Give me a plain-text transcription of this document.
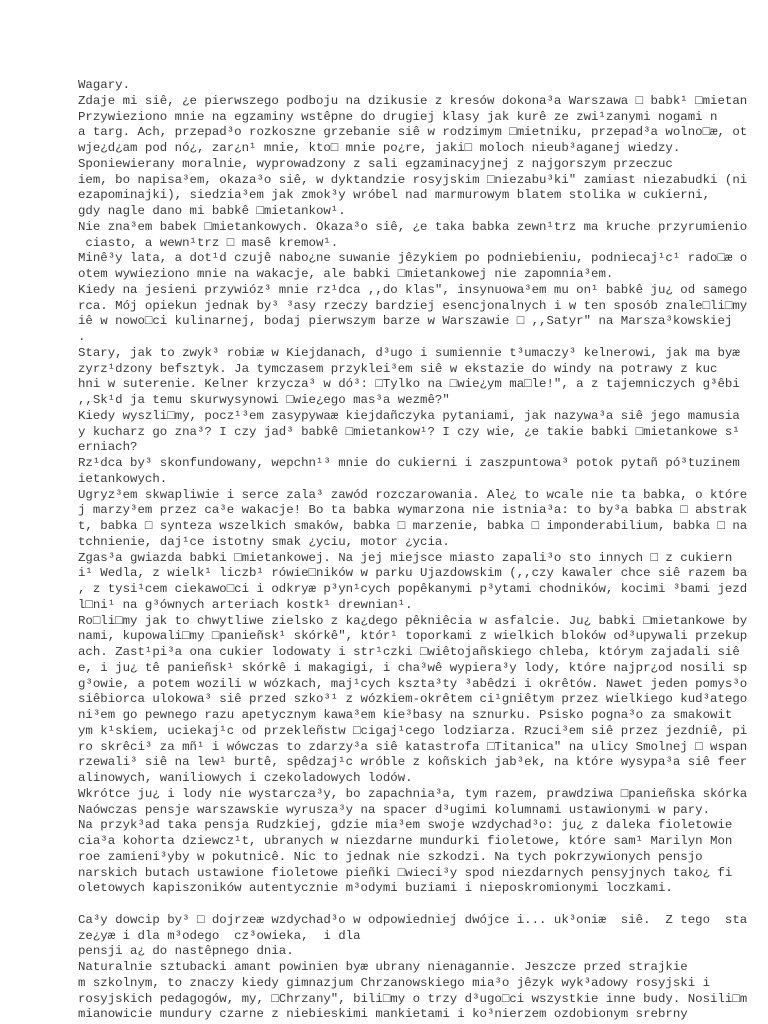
Wagary.
Zdaje mi siê, ¿e pierwszego podboju na dzikusie z kresów dokona³a Warszawa □ babk¹ □mietan
Przywieziono mnie na egzaminy wstêpne do drugiej klasy jak kurê ze zwi¹zanymi nogami n
a targ. Ach, przepad³o rozkoszne grzebanie siê w rodzimym □mietniku, przepad³a wolno□æ, ot
wje¿d¿am pod nó¿, zar¿n¹ mnie, kto□ mnie po¿re, jaki□ moloch nieub³aganej wiedzy.
Sponiewierany moralnie, wyprowadzony z sali egzaminacyjnej z najgorszym przeczuc
iem, bo napisa³em, okaza³o siê, w dyktandzie rosyjskim □niezabu³ki" zamiast niezabudki (ni
ezapominajki), siedzia³em jak zmok³y wróbel nad marmurowym blatem stolika w cukierni,
gdy nagle dano mi babkê □mietankow¹.
Nie zna³em babek □mietankowych. Okaza³o siê, ¿e taka babka zewn¹trz ma kruche przyrumienio
ciasto, a wewn¹trz □ masê kremow¹.
Minê³y lata, a dot¹d czujê nabo¿ne suwanie jêzykiem po podniebieniu, podniecaj¹c¹ rado□æ o
otem wywieziono mnie na wakacje, ale babki □mietankowej nie zapomnia³em.
Kiedy na jesieni przywióz³ mnie rz¹dca ,,do klas", insynuowa³em mu on¹ babkê ju¿ od samego
rca. Mój opiekun jednak by³ ³asy rzeczy bardziej esencjonalnych i w ten sposób znale□li□my
iê w nowo□ci kulinarnej, bodaj pierwszym barze w Warszawie □ ,,Satyr" na Marsza³kowskiej
.
Stary, jak to zwyk³ robiæ w Kiejdanach, d³ugo i sumiennie t³umaczy³ kelnerowi, jak ma byæ
zyrz¹dzony befsztyk. Ja tymczasem przyklei³em siê w ekstazie do windy na potrawy z kuc
hni w suterenie. Kelner krzycza³ w dó³: □Tylko na □wie¿ym ma□le!", a z tajemniczych g³êbi
,,Sk¹d ja temu skurwysynowi □wie¿ego mas³a wezmê?"
Kiedy wyszli□my, pocz¹³em zasypywaæ kiejdañczyka pytaniami, jak nazywa³a siê jego mamusia
y kucharz go zna³? I czy jad³ babkê □mietankow¹? I czy wie, ¿e takie babki □mietankowe s¹
erniach?
Rz¹dca by³ skonfundowany, wepchn¹³ mnie do cukierni i zaszpuntowa³ potok pytañ pó³tuzinem
ietankowych.
Ugryz³em skwapliwie i serce zala³ zawód rozczarowania. Ale¿ to wcale nie ta babka, o które
j marzy³em przez ca³e wakacje! Bo ta babka wymarzona nie istnia³a: to by³a babka □ abstrak
t, babka □ synteza wszelkich smaków, babka □ marzenie, babka □ imponderabilium, babka □ na
tchnienie, daj¹ce istotny smak ¿yciu, motor ¿ycia.
Zgas³a gwiazda babki □mietankowej. Na jej miejsce miasto zapali³o sto innych □ z cukiern
i¹ Wedla, z wielk¹ liczb¹ rówie□ników w parku Ujazdowskim (,,czy kawaler chce siê razem ba
, z tysi¹cem ciekawo□ci i odkryæ p³yn¹cych popêkanymi p³ytami chodników, kocimi ³bami jezd
l□ni¹ na g³ównych arteriach kostk¹ drewnian¹.
Ro□li□my jak to chwytliwe zielsko z ka¿dego pêkniêcia w asfalcie. Ju¿ babki □mietankowe by
nami, kupowali□my □panieñsk¹ skórkê", któr¹ toporkami z wielkich bloków od³upywali przekup
ach. Zast¹pi³a ona cukier lodowaty i str¹czki □wiêtojañskiego chleba, którym zajadali siê
e, i ju¿ tê panieñsk¹ skórkê i makagigi, i cha³wê wypiera³y lody, które najpr¿od nosili sp
g³owie, a potem wozili w wózkach, maj¹cych kszta³ty ³abêdzi i okrêtów. Nawet jeden pomys³o
siêbiorca ulokowa³ siê przed szko³¹ z wózkiem-okrêtem ci¹gniêtym przez wielkiego kud³atego
ni³em go pewnego razu apetycznym kawa³em kie³basy na sznurku. Psisko pogna³o za smakowit
ym k¹skiem, uciekaj¹c od przekleñstw □cigaj¹cego lodziarza. Rzuci³em siê przez jezdniê, pi
ro skrêci³ za mñ¹ i wówczas to zdarzy³a siê katastrofa □Titanica" na ulicy Smolnej □ wspan
rzewali³ siê na lew¹ burtê, spêdzaj¹c wróble z koñskich jab³ek, na które wysypa³a siê feer
alinowych, waniliowych i czekoladowych lodów.
Wkrótce ju¿ i lody nie wystarcza³y, bo zapachnia³a, tym razem, prawdziwa □panieñska skórka
Naówczas pensje warszawskie wyrusza³y na spacer d³ugimi kolumnami ustawionymi w pary.
Na przyk³ad taka pensja Rudzkiej, gdzie mia³em swoje wzdychad³o: ju¿ z daleka fioletowie
cia³a kohorta dziewcz¹t, ubranych w niezdarne mundurki fioletowe, które sam¹ Marilyn Mon
roe zamieni³yby w pokutnicê. Nic to jednak nie szkodzi. Na tych pokrzywionych pensjo
narskich butach ustawione fioletowe pieñki □wieci³y spod niezdarnych pensyjnych tako¿ fi
oletowych kapiszoników autentycznie m³odymi buziami i nieposkromionymi loczkami.
Ca³y dowcip by³ □ dojrzeæ wzdychad³o w odpowiedniej dwójce i... uk³oniæ  siê.  Z tego  sta
ze¿yæ i dla m³odego  cz³owieka,  i dla
pensji a¿ do nastêpnego dnia.
Naturalnie sztubacki amant powinien byæ ubrany nienagannie. Jeszcze przed strajkie
m szkolnym, to znaczy kiedy gimnazjum Chrzanowskiego mia³o jêzyk wyk³adowy rosyjski i
rosyjskich pedagogów, my, □Chrzany", bili□my o trzy d³ugo□ci wszystkie inne budy. Nosili□m
mianowicie mundury czarne z niebieskimi mankietami i ko³nierzem ozdobionym srebrny
